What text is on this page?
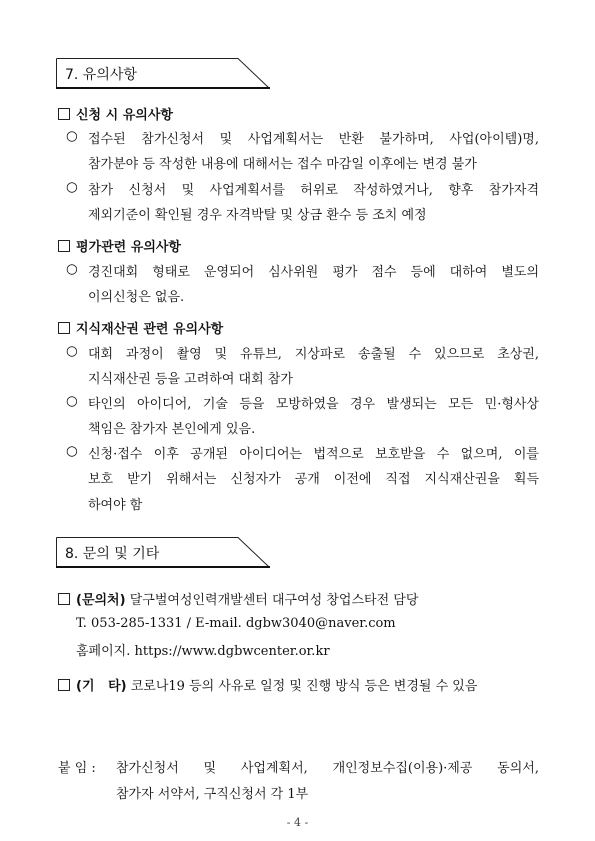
7. 유의사항
신청 시 유의사항
○ 접수된 참가신청서 및 사업계획서는 반환 불가하며, 사업(아이템)명,
참가분야 등 작성한 내용에 대해서는 접수 마감일 이후에는 변경 불가
○ 참가 신청서 및 사업계획서를 허위로 작성하였거나, 향후 참가자격
제외기준이 확인될 경우 자격박탈 및 상금 환수 등 조치 예정
평가관련 유의사항
○ 경진대회 형태로 운영되어 심사위원 평가 점수 등에 대하여 별도의
이의신청은 없음.
지식재산권 관련 유의사항
○ 대회 과정이 촬영 및 유튜브, 지상파로 송출될 수 있으므로 초상권,
지식재산권 등을 고려하여 대회 참가
○ 타인의 아이디어, 기술 등을 모방하였을 경우 발생되는 모든 민·형사상
책임은 참가자 본인에게 있음.
○ 신청·접수 이후 공개된 아이디어는 법적으로 보호받을 수 없으며, 이를
보호 받기 위해서는 신청자가 공개 이전에 직접 지식재산권을 획득
하여야 함
8. 문의 및 기타
(문의처) 달구벌여성인력개발센터 대구여성 창업스타전 담당
T. 053-285-1331 / E-mail. dgbw3040@naver.com
홈페이지. https://www.dgbwcenter.or.kr
(기   타) 코로나19 등의 사유로 일정 및 진행 방식 등은 변경될 수 있음
붙 임 : 참가신청서 및 사업계획서, 개인정보수집(이용)·제공 동의서,
참가자 서약서, 구직신청서 각 1부
- 4 -
